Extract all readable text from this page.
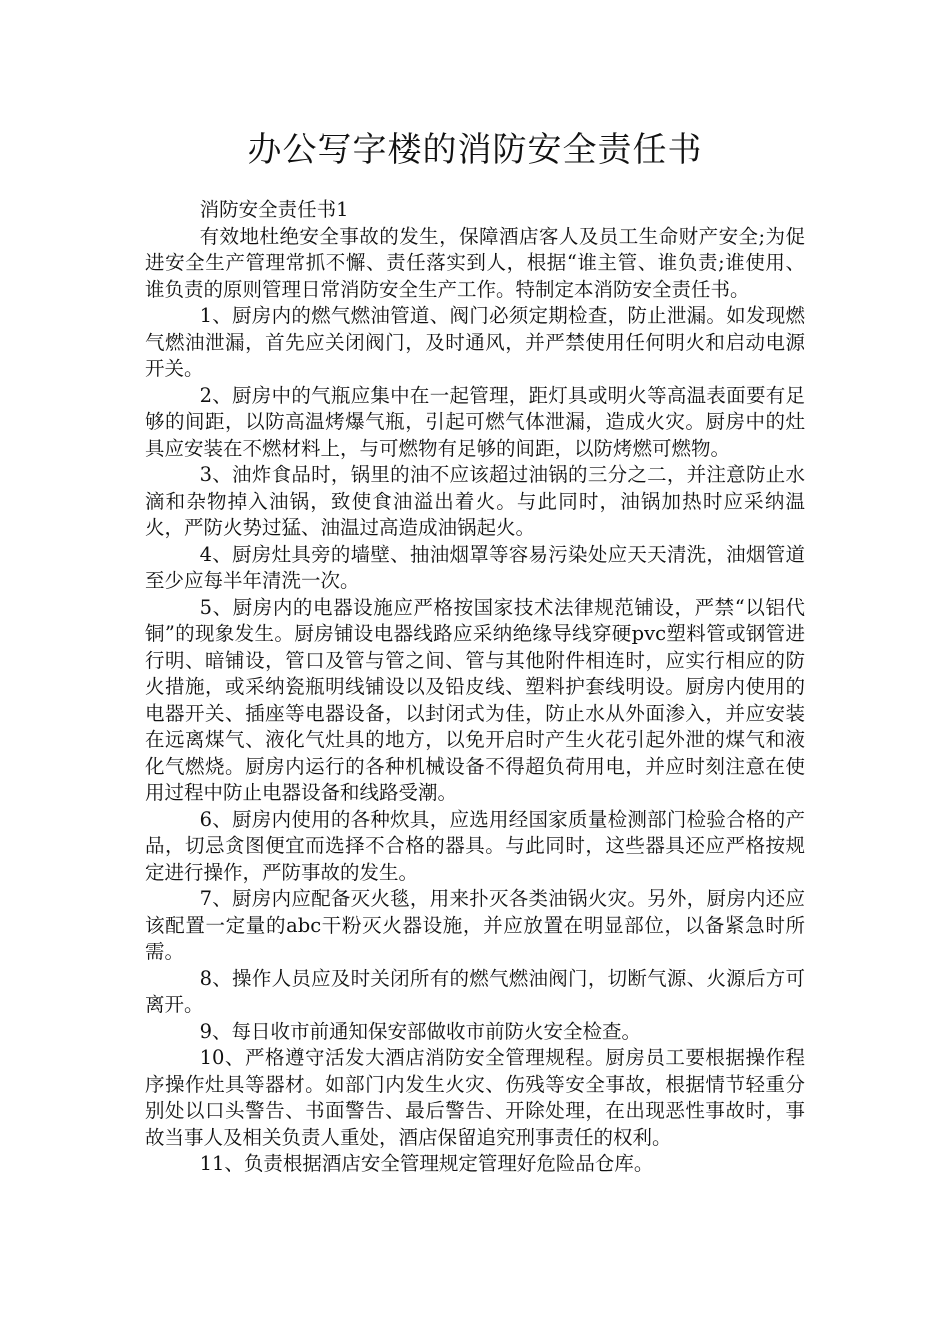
办公写字楼的消防安全责任书

消防安全责任书1

有效地杜绝安全事故的发生，保障酒店客人及员工生命财产安全;为促进安全生产管理常抓不懈、责任落实到人，根据“谁主管、谁负责;谁使用、谁负责的原则管理日常消防安全生产工作。特制定本消防安全责任书。

1、厨房内的燃气燃油管道、阀门必须定期检查，防止泄漏。如发现燃气燃油泄漏，首先应关闭阀门，及时通风，并严禁使用任何明火和启动电源开关。

2、厨房中的气瓶应集中在一起管理，距灯具或明火等高温表面要有足够的间距，以防高温烤爆气瓶，引起可燃气体泄漏，造成火灾。厨房中的灶具应安装在不燃材料上，与可燃物有足够的间距，以防烤燃可燃物。

3、油炸食品时，锅里的油不应该超过油锅的三分之二，并注意防止水滴和杂物掉入油锅，致使食油溢出着火。与此同时，油锅加热时应采纳温火，严防火势过猛、油温过高造成油锅起火。

4、厨房灶具旁的墙壁、抽油烟罩等容易污染处应天天清洗，油烟管道至少应每半年清洗一次。

5、厨房内的电器设施应严格按国家技术法律规范铺设，严禁“以铝代铜”的现象发生。厨房铺设电器线路应采纳绝缘导线穿硬pvc塑料管或钢管进行明、暗铺设，管口及管与管之间、管与其他附件相连时，应实行相应的防火措施，或采纳瓷瓶明线铺设以及铅皮线、塑料护套线明设。厨房内使用的电器开关、插座等电器设备，以封闭式为佳，防止水从外面渗入，并应安装在远离煤气、液化气灶具的地方，以免开启时产生火花引起外泄的煤气和液化气燃烧。厨房内运行的各种机械设备不得超负荷用电，并应时刻注意在使用过程中防止电器设备和线路受潮。

6、厨房内使用的各种炊具，应选用经国家质量检测部门检验合格的产品，切忌贪图便宜而选择不合格的器具。与此同时，这些器具还应严格按规定进行操作，严防事故的发生。

7、厨房内应配备灭火毯，用来扑灭各类油锅火灾。另外，厨房内还应该配置一定量的abc干粉灭火器设施，并应放置在明显部位，以备紧急时所需。

8、操作人员应及时关闭所有的燃气燃油阀门，切断气源、火源后方可离开。

9、每日收市前通知保安部做收市前防火安全检查。

10、严格遵守活发大酒店消防安全管理规程。厨房员工要根据操作程序操作灶具等器材。如部门内发生火灾、伤残等安全事故，根据情节轻重分别处以口头警告、书面警告、最后警告、开除处理，在出现恶性事故时，事故当事人及相关负责人重处，酒店保留追究刑事责任的权利。

11、负责根据酒店安全管理规定管理好危险品仓库。
